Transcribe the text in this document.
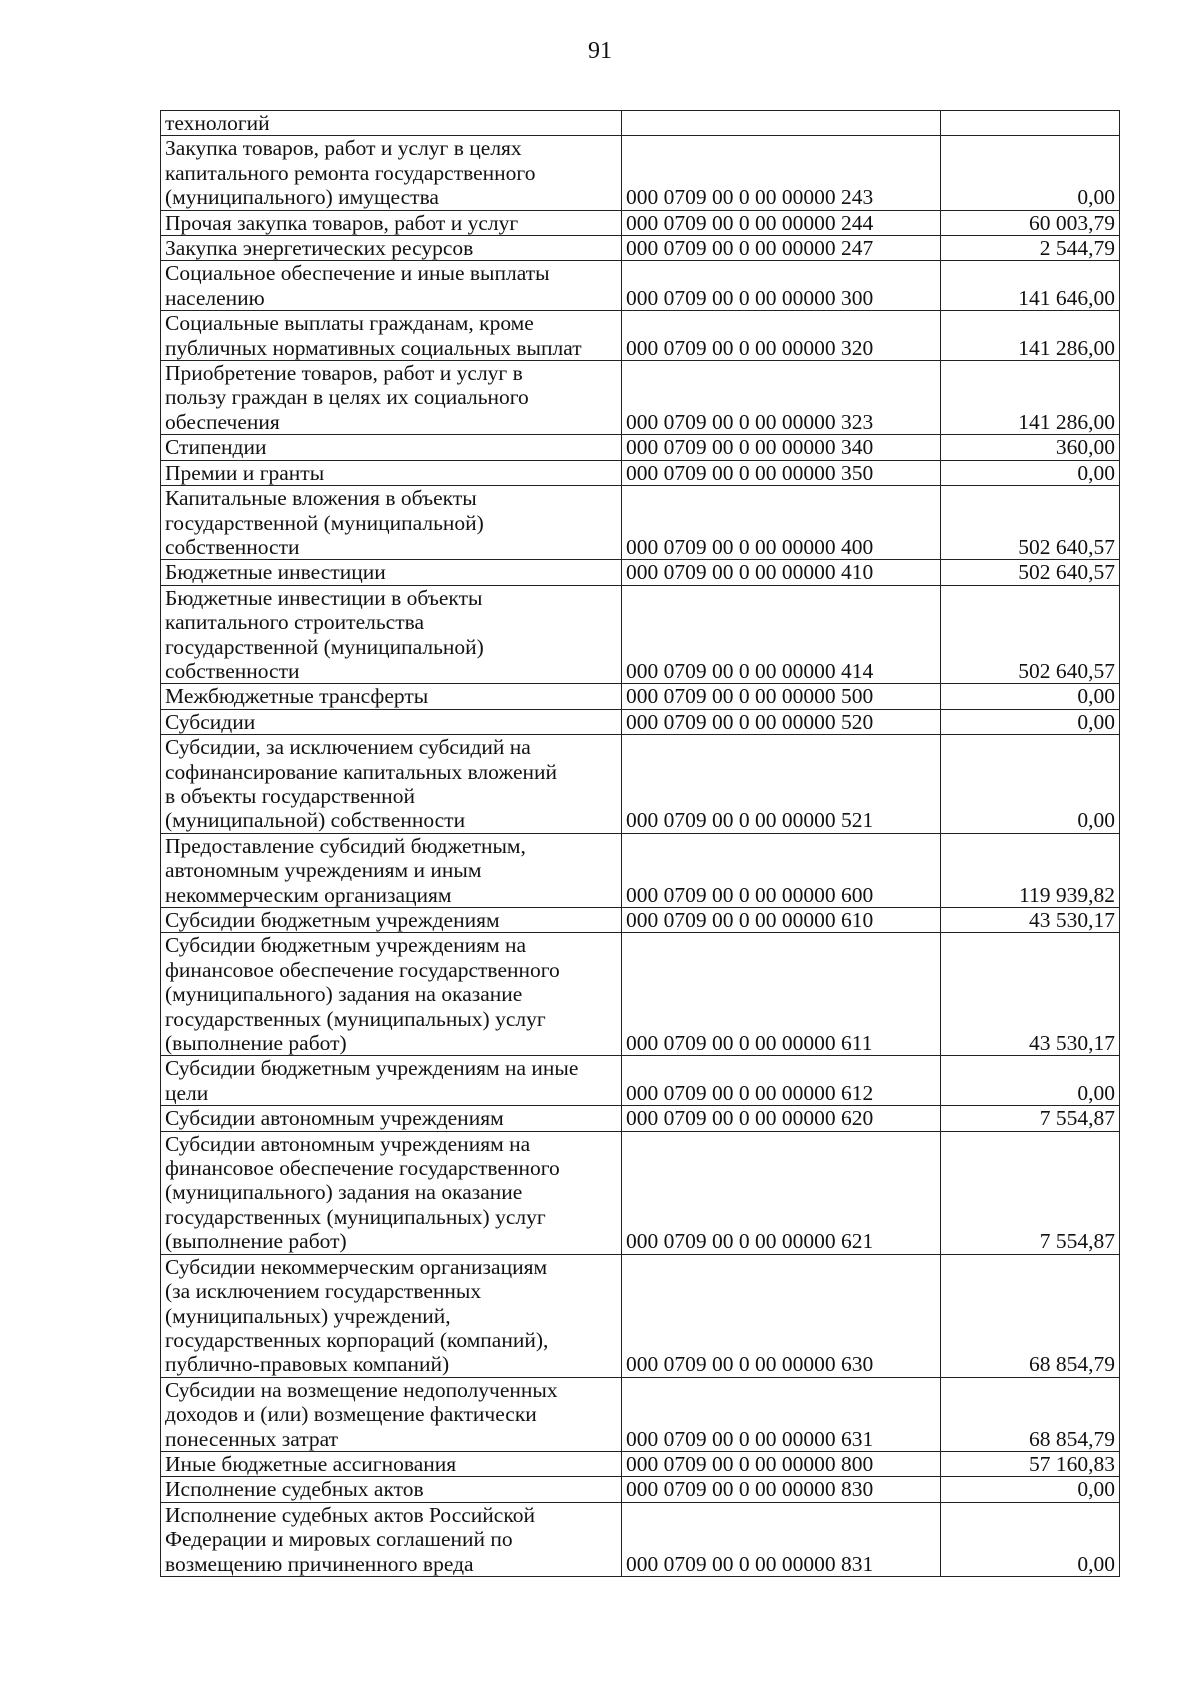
91
технологий		
Закупка товаров, работ и услуг в целях
капитального ремонта государственного
(муниципального) имущества	000 0709 00 0 00 00000 243	0,00
Прочая закупка товаров, работ и услуг	000 0709 00 0 00 00000 244	60 003,79
Закупка энергетических ресурсов	000 0709 00 0 00 00000 247	2 544,79
Социальное обеспечение и иные выплаты
населению	000 0709 00 0 00 00000 300	141 646,00
Социальные выплаты гражданам, кроме
публичных нормативных социальных выплат	000 0709 00 0 00 00000 320	141 286,00
Приобретение товаров, работ и услуг в
пользу граждан в целях их социального
обеспечения	000 0709 00 0 00 00000 323	141 286,00
Стипендии	000 0709 00 0 00 00000 340	360,00
Премии и гранты	000 0709 00 0 00 00000 350	0,00
Капитальные вложения в объекты
государственной (муниципальной)
собственности	000 0709 00 0 00 00000 400	502 640,57
Бюджетные инвестиции	000 0709 00 0 00 00000 410	502 640,57
Бюджетные инвестиции в объекты
капитального строительства
государственной (муниципальной)
собственности	000 0709 00 0 00 00000 414	502 640,57
Межбюджетные трансферты	000 0709 00 0 00 00000 500	0,00
Субсидии	000 0709 00 0 00 00000 520	0,00
Субсидии, за исключением субсидий на
софинансирование капитальных вложений
в объекты государственной
(муниципальной) собственности	000 0709 00 0 00 00000 521	0,00
Предоставление субсидий бюджетным,
автономным учреждениям и иным
некоммерческим организациям	000 0709 00 0 00 00000 600	119 939,82
Субсидии бюджетным учреждениям	000 0709 00 0 00 00000 610	43 530,17
Субсидии бюджетным учреждениям на
финансовое обеспечение государственного
(муниципального) задания на оказание
государственных (муниципальных) услуг
(выполнение работ)	000 0709 00 0 00 00000 611	43 530,17
Субсидии бюджетным учреждениям на иные
цели	000 0709 00 0 00 00000 612	0,00
Субсидии автономным учреждениям	000 0709 00 0 00 00000 620	7 554,87
Субсидии автономным учреждениям на
финансовое обеспечение государственного
(муниципального) задания на оказание
государственных (муниципальных) услуг
(выполнение работ)	000 0709 00 0 00 00000 621	7 554,87
Субсидии некоммерческим организациям
(за исключением государственных
(муниципальных) учреждений,
государственных корпораций (компаний),
публично-правовых компаний)	000 0709 00 0 00 00000 630	68 854,79
Субсидии на возмещение недополученных
доходов и (или) возмещение фактически
понесенных затрат	000 0709 00 0 00 00000 631	68 854,79
Иные бюджетные ассигнования	000 0709 00 0 00 00000 800	57 160,83
Исполнение судебных актов	000 0709 00 0 00 00000 830	0,00
Исполнение судебных актов Российской
Федерации и мировых соглашений по
возмещению причиненного вреда	000 0709 00 0 00 00000 831	0,00
